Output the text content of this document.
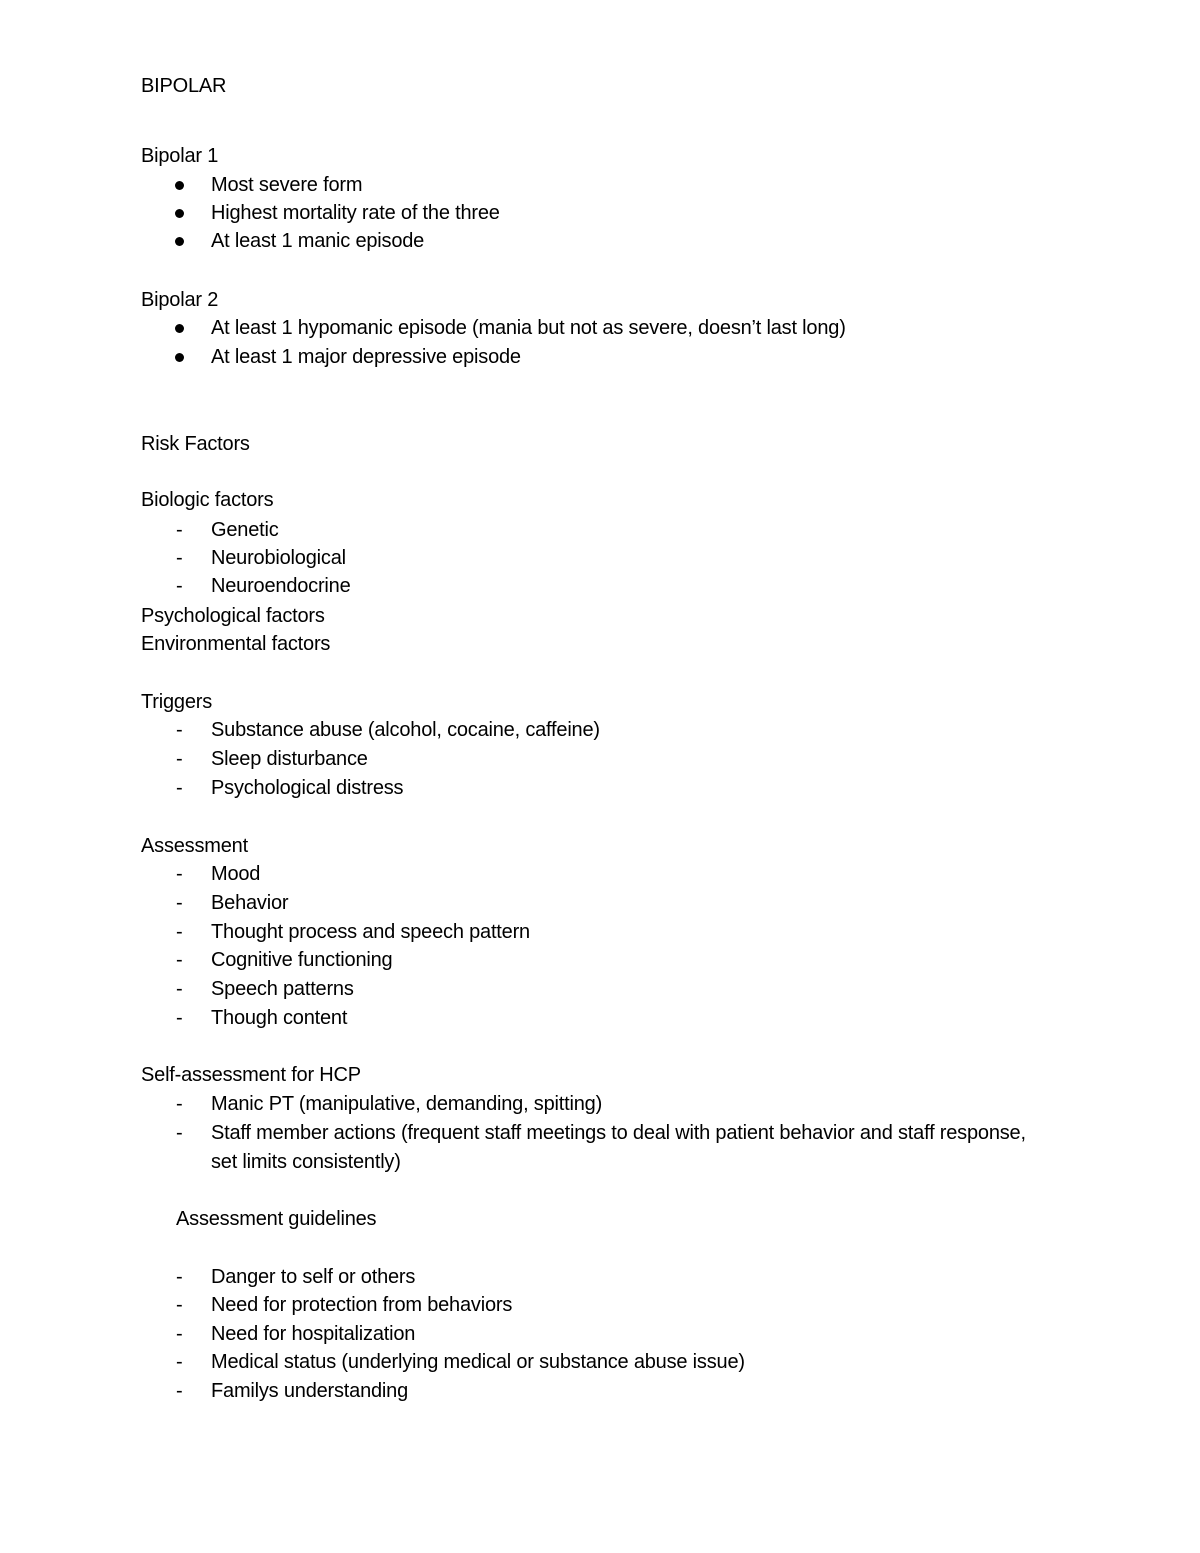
BIPOLAR
Bipolar 1
Most severe form
Highest mortality rate of the three
At least 1 manic episode
Bipolar 2
At least 1 hypomanic episode (mania but not as severe, doesn’t last long)
At least 1 major depressive episode
Risk Factors
Biologic factors
- Genetic
- Neurobiological
- Neuroendocrine
Psychological factors
Environmental factors
Triggers
- Substance abuse (alcohol, cocaine, caffeine)
- Sleep disturbance
- Psychological distress
Assessment
- Mood
- Behavior
- Thought process and speech pattern
- Cognitive functioning
- Speech patterns
- Though content
Self-assessment for HCP
- Manic PT (manipulative, demanding, spitting)
- Staff member actions (frequent staff meetings to deal with patient behavior and staff response, set limits consistently)
Assessment guidelines
- Danger to self or others
- Need for protection from behaviors
- Need for hospitalization
- Medical status (underlying medical or substance abuse issue)
- Familys understanding
